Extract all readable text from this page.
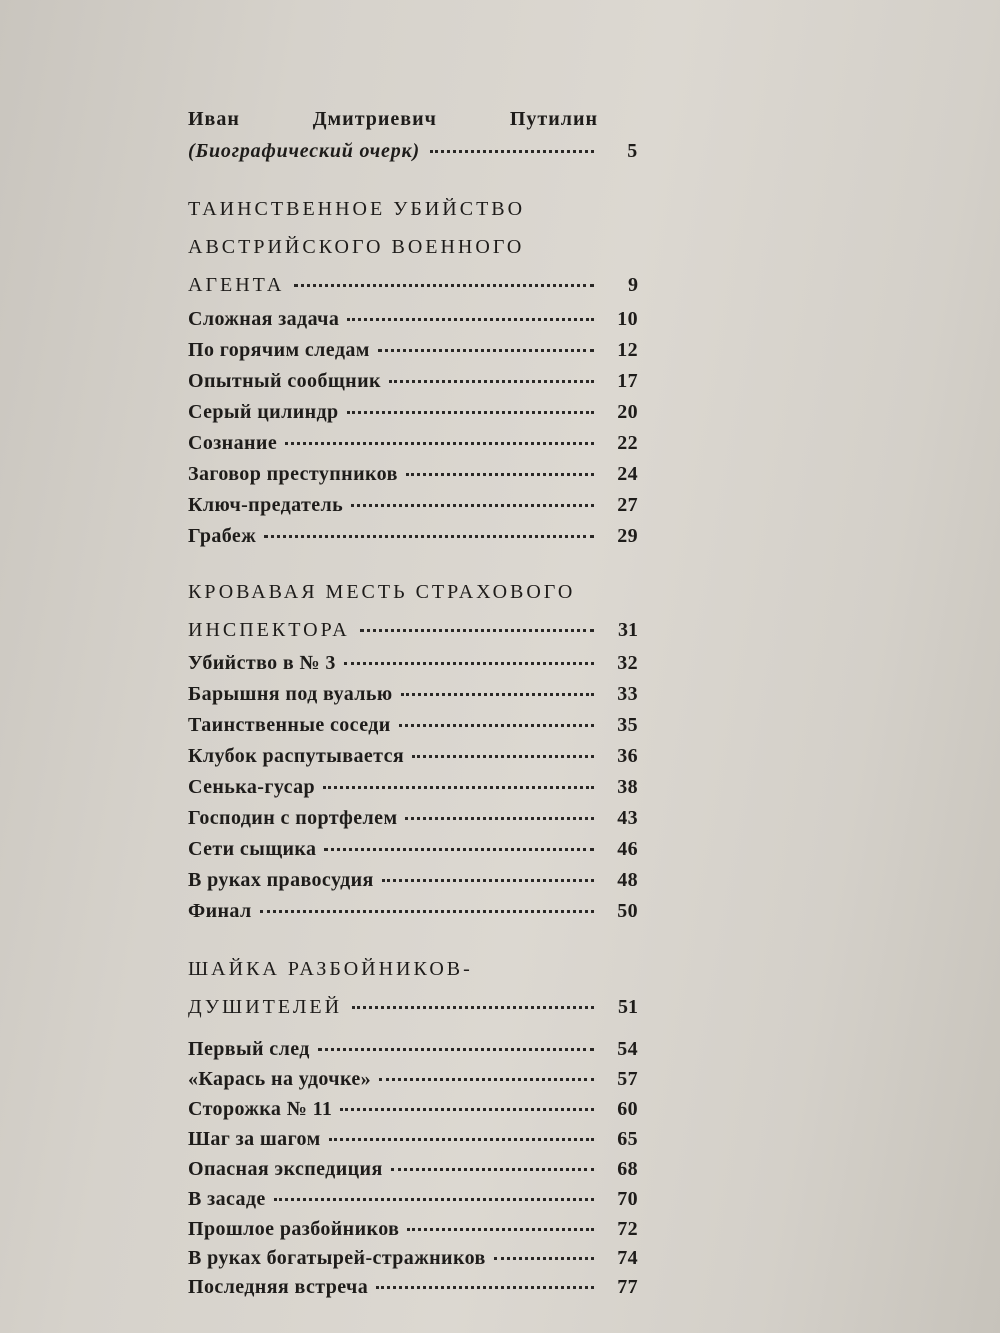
Иван	Дмитриевич	Путилин
(Биографический очерк)	5
ТАИНСТВЕННОЕ УБИЙСТВО
АВСТРИЙСКОГО ВОЕННОГО
АГЕНТА	9
Сложная задача	10
По горячим следам	12
Опытный сообщник	17
Серый цилиндр	20
Сознание	22
Заговор преступников	24
Ключ-предатель	27
Грабеж	29
КРОВАВАЯ МЕСТЬ СТРАХОВОГО
ИНСПЕКТОРА	31
Убийство в № 3	32
Барышня под вуалью	33
Таинственные соседи	35
Клубок распутывается	36
Сенька-гусар	38
Господин с портфелем	43
Сети сыщика	46
В руках правосудия	48
Финал	50
ШАЙКА РАЗБОЙНИКОВ-
ДУШИТЕЛЕЙ	51
Первый след	54
«Карась на удочке»	57
Сторожка № 11	60
Шаг за шагом	65
Опасная экспедиция	68
В засаде	70
Прошлое разбойников	72
В руках богатырей-стражников	74
Последняя встреча	77
